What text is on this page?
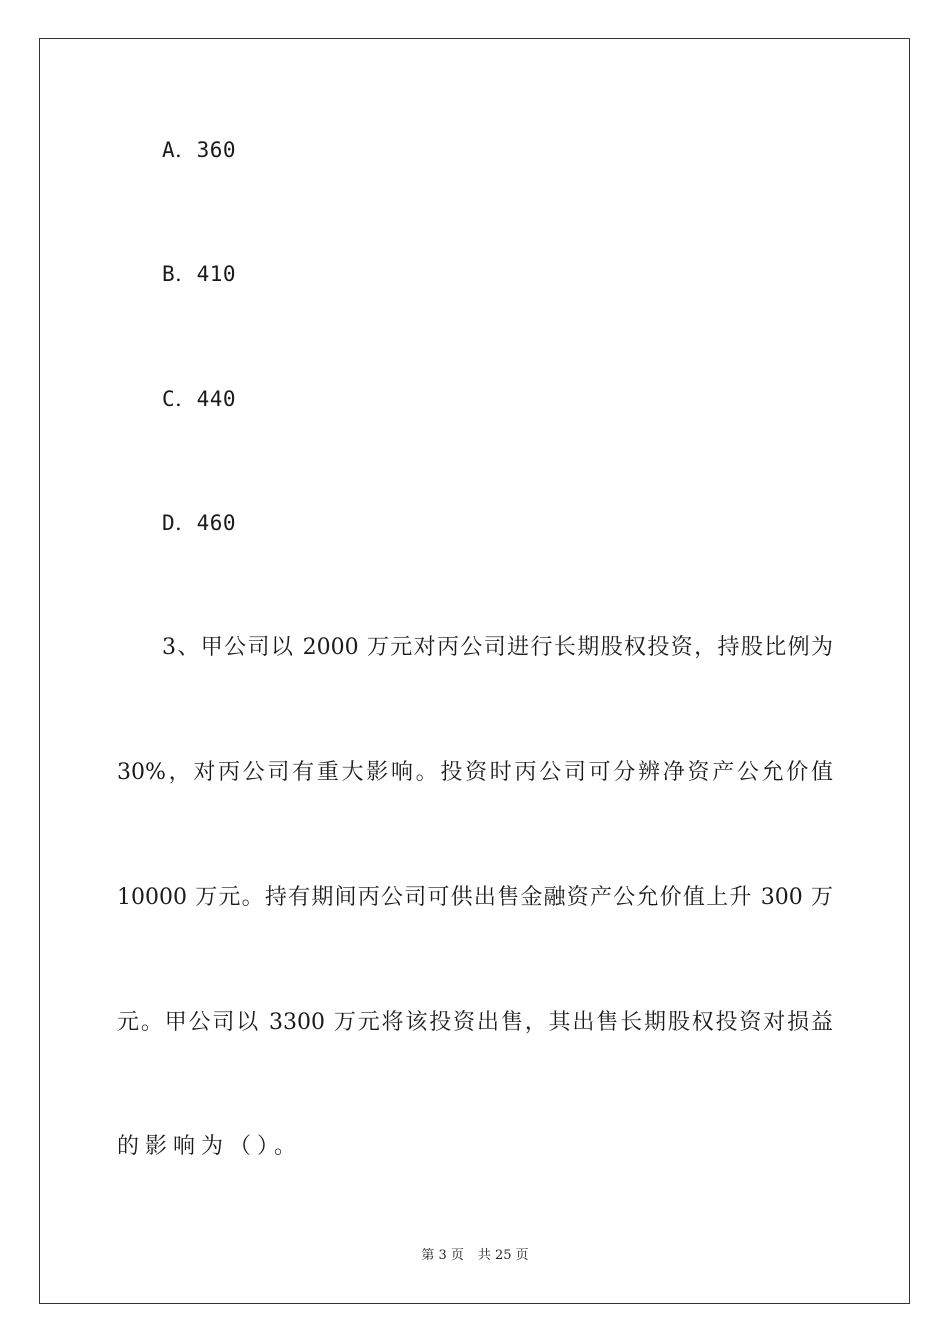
A．360
B．410
C．440
D．460
3、甲公司以 2000 万元对丙公司进行长期股权投资，持股比例为
30%，对丙公司有重大影响。投资时丙公司可分辨净资产公允价值
10000 万元。持有期间丙公司可供出售金融资产公允价值上升 300 万
元。甲公司以 3300 万元将该投资出售，其出售长期股权投资对损益
的影响为（）。
第 3 页 共 25 页
